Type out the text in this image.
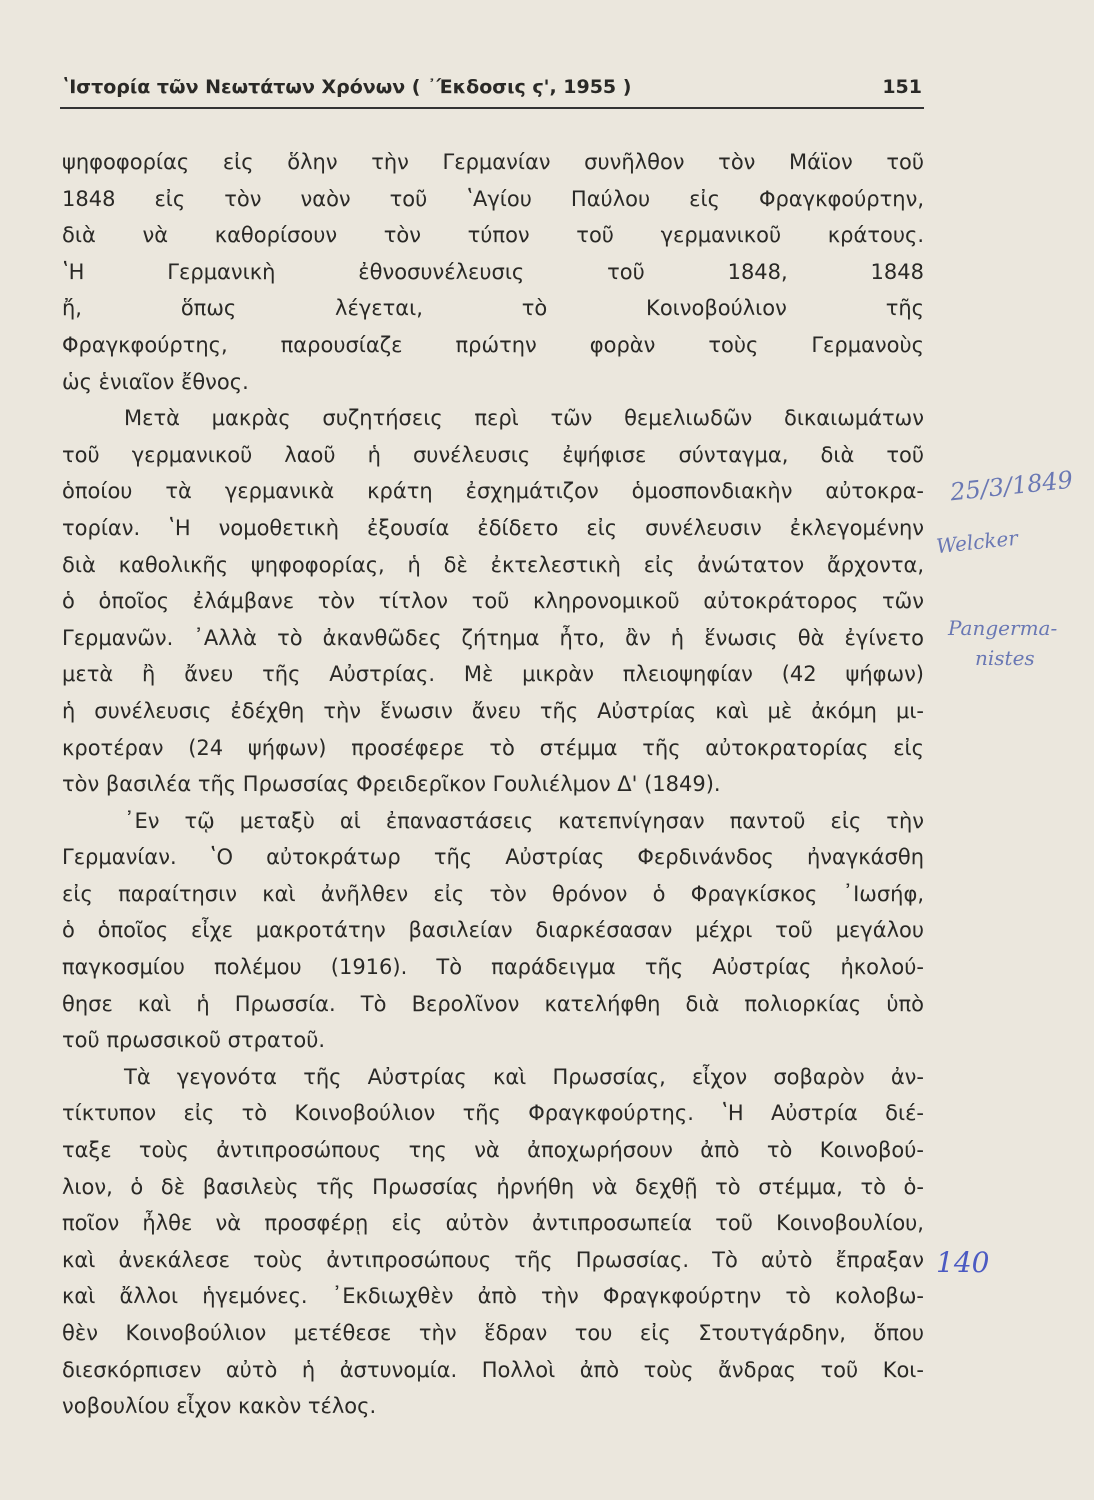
ʽΙστορία τῶν Νεωτάτων Χρόνων ( ᾿Έκδοσις ϛ', 1955 )	151
ψηφοφορίας εἰς ὅλην τὴν Γερμανίαν συνῆλθον τὸν Μάϊον τοῦ
1848 εἰς τὸν ναὸν τοῦ ʽΑγίου Παύλου εἰς Φραγκφούρτην,
διὰ νὰ καθορίσουν τὸν τύπον τοῦ γερμανικοῦ κράτους.
ʽΗ Γερμανικὴ ἐθνοσυνέλευσις τοῦ 1848, 1848
ἤ, ὅπως λέγεται, τὸ Κοινοβούλιον τῆς
Φραγκφούρτης, παρουσίαζε πρώτην φορὰν τοὺς Γερμανοὺς
ὡς ἑνιαῖον ἔθνος.
Μετὰ μακρὰς συζητήσεις περὶ τῶν θεμελιωδῶν δικαιωμάτων
τοῦ γερμανικοῦ λαοῦ ἡ συνέλευσις ἐψήφισε σύνταγμα, διὰ τοῦ
ὁποίου τὰ γερμανικὰ κράτη ἐσχημάτιζον ὁμοσπονδιακὴν αὐτοκρα-
τορίαν. ʽΗ νομοθετικὴ ἐξουσία ἐδίδετο εἰς συνέλευσιν ἐκλεγομένην
διὰ καθολικῆς ψηφοφορίας, ἡ δὲ ἐκτελεστικὴ εἰς ἀνώτατον ἄρχοντα,
ὁ ὁποῖος ἐλάμβανε τὸν τίτλον τοῦ κληρονομικοῦ αὐτοκράτορος τῶν
Γερμανῶν. ᾿Αλλὰ τὸ ἀκανθῶδες ζήτημα ἦτο, ἂν ἡ ἕνωσις θὰ ἐγίνετο
μετὰ ἢ ἄνευ τῆς Αὐστρίας. Μὲ μικρὰν πλειοψηφίαν (42 ψήφων)
ἡ συνέλευσις ἐδέχθη τὴν ἕνωσιν ἄνευ τῆς Αὐστρίας καὶ μὲ ἀκόμη μι-
κροτέραν (24 ψήφων) προσέφερε τὸ στέμμα τῆς αὐτοκρατορίας εἰς
τὸν βασιλέα τῆς Πρωσσίας Φρειδερῖκον Γουλιέλμον Δ' (1849).
᾿Εν τῷ μεταξὺ αἱ ἐπαναστάσεις κατεπνίγησαν παντοῦ εἰς τὴν
Γερμανίαν. ʽΟ αὐτοκράτωρ τῆς Αὐστρίας Φερδινάνδος ἠναγκάσθη
εἰς παραίτησιν καὶ ἀνῆλθεν εἰς τὸν θρόνον ὁ Φραγκίσκος ᾿Ιωσήφ,
ὁ ὁποῖος εἶχε μακροτάτην βασιλείαν διαρκέσασαν μέχρι τοῦ μεγάλου
παγκοσμίου πολέμου (1916). Τὸ παράδειγμα τῆς Αὐστρίας ἠκολού-
θησε καὶ ἡ Πρωσσία. Τὸ Βερολῖνον κατελήφθη διὰ πολιορκίας ὑπὸ
τοῦ πρωσσικοῦ στρατοῦ.
Τὰ γεγονότα τῆς Αὐστρίας καὶ Πρωσσίας, εἶχον σοβαρὸν ἀν-
τίκτυπον εἰς τὸ Κοινοβούλιον τῆς Φραγκφούρτης. ʽΗ Αὐστρία διέ-
ταξε τοὺς ἀντιπροσώπους της νὰ ἀποχωρήσουν ἀπὸ τὸ Κοινοβού-
λιον, ὁ δὲ βασιλεὺς τῆς Πρωσσίας ἠρνήθη νὰ δεχθῇ τὸ στέμμα, τὸ ὁ-
ποῖον ἦλθε νὰ προσφέρῃ εἰς αὐτὸν ἀντιπροσωπεία τοῦ Κοινοβουλίου,
καὶ ἀνεκάλεσε τοὺς ἀντιπροσώπους τῆς Πρωσσίας. Τὸ αὐτὸ ἔπραξαν
καὶ ἄλλοι ἡγεμόνες. ᾿Εκδιωχθὲν ἀπὸ τὴν Φραγκφούρτην τὸ κολοβω-
θὲν Κοινοβούλιον μετέθεσε τὴν ἕδραν του εἰς Στουτγάρδην, ὅπου
διεσκόρπισεν αὐτὸ ἡ ἀστυνομία. Πολλοὶ ἀπὸ τοὺς ἄνδρας τοῦ Κοι-
νοβουλίου εἶχον κακὸν τέλος.
25/3/1849
Welcker
Pangerma-
nistes
140
